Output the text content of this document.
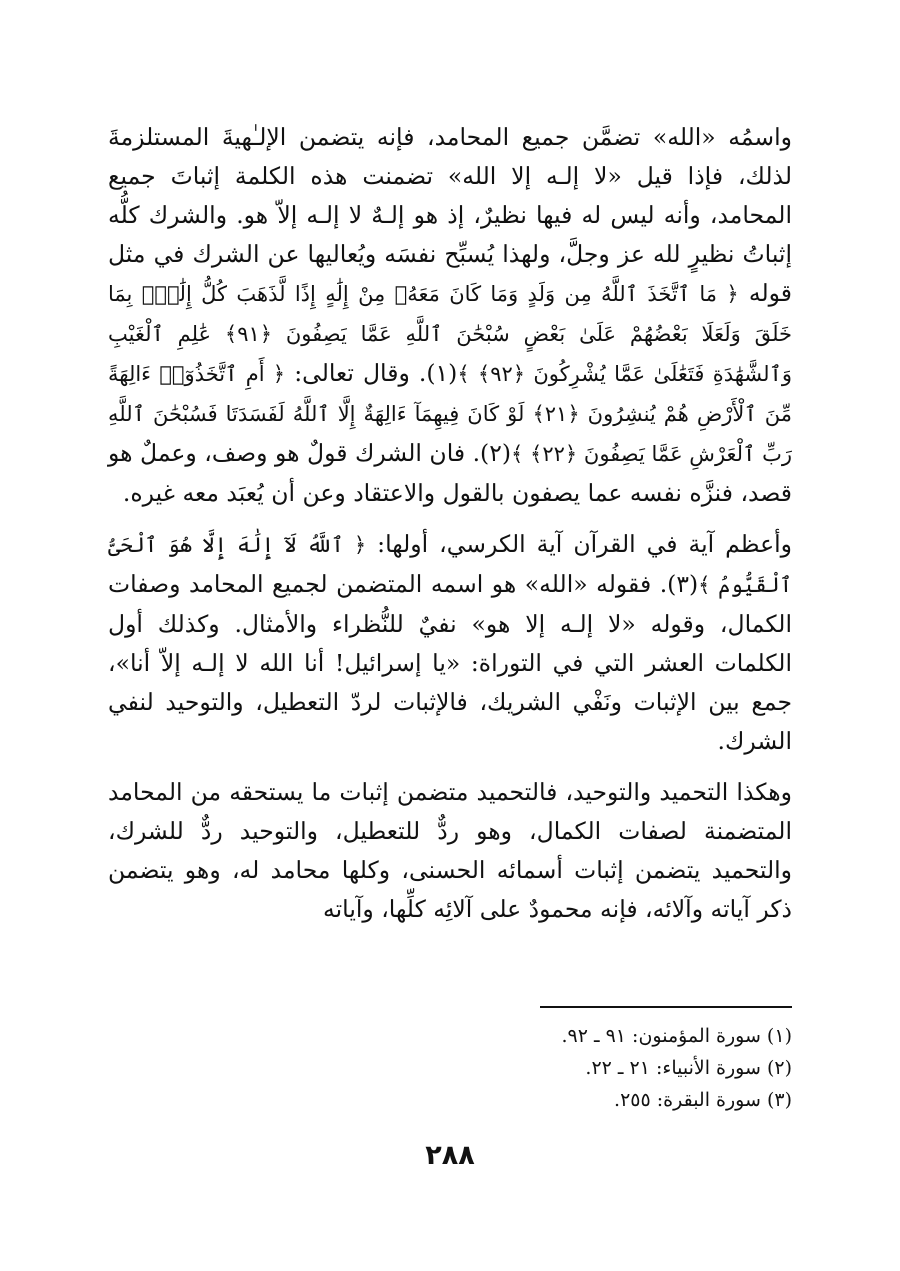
واسمُه «الله» تضمَّن جميع المحامد، فإنه يتضمن الإلـٰهيةَ المستلزمةَ لذلك، فإذا قيل «لا إلـه إلا الله» تضمنت هذه الكلمة إثباتَ جميع المحامد، وأنه ليس له فيها نظيرٌ، إذ هو إلـهٌ لا إلـه إلاّ هو. والشرك كلُّه إثباتُ نظيرٍ لله عز وجلَّ، ولهذا يُسبِّح نفسَه ويُعاليها عن الشرك في مثل قوله ﴿ مَا ٱتَّخَذَ ٱللَّهُ مِن وَلَدٍ وَمَا كَانَ مَعَهُۥ مِنْ إِلَٰهٍ إِذًا لَّذَهَبَ كُلُّ إِلَٰهٍۭ بِمَا خَلَقَ وَلَعَلَا بَعْضُهُمْ عَلَىٰ بَعْضٍ سُبْحَٰنَ ٱللَّهِ عَمَّا يَصِفُونَ ﴿٩١﴾ عَٰلِمِ ٱلْغَيْبِ وَٱلشَّهَٰدَةِ فَتَعَٰلَىٰ عَمَّا يُشْرِكُونَ ﴿٩٢﴾ ﴾(١). وقال تعالى: ﴿ أَمِ ٱتَّخَذُوٓا۟ ءَالِهَةً مِّنَ ٱلْأَرْضِ هُمْ يُنشِرُونَ ﴿٢١﴾ لَوْ كَانَ فِيهِمَآ ءَالِهَةٌ إِلَّا ٱللَّهُ لَفَسَدَتَا فَسُبْحَٰنَ ٱللَّهِ رَبِّ ٱلْعَرْشِ عَمَّا يَصِفُونَ ﴿٢٢﴾ ﴾(٢). فان الشرك قولٌ هو وصف، وعملٌ هو قصد، فنزَّه نفسه عما يصفون بالقول والاعتقاد وعن أن يُعبَد معه غيره.

وأعظم آية في القرآن آية الكرسي، أولها: ﴿ ٱللَّهُ لَآ إِلَٰهَ إِلَّا هُوَ ٱلْحَىُّ ٱلْقَيُّومُ ﴾(٣). فقوله «الله» هو اسمه المتضمن لجميع المحامد وصفات الكمال، وقوله «لا إلـه إلا هو» نفيٌ للنُّظراء والأمثال. وكذلك أول الكلمات العشر التي في التوراة: «يا إسرائيل! أنا الله لا إلـه إلاّ أنا»، جمع بين الإثبات ونَفْي الشريك، فالإثبات لردّ التعطيل، والتوحيد لنفي الشرك.

وهكذا التحميد والتوحيد، فالتحميد متضمن إثبات ما يستحقه من المحامد المتضمنة لصفات الكمال، وهو ردٌّ للتعطيل، والتوحيد ردٌّ للشرك، والتحميد يتضمن إثبات أسمائه الحسنى، وكلها محامد له، وهو يتضمن ذكر آياته وآلائه، فإنه محمودٌ على آلائِه كلِّها، وآياته

(١) سورة المؤمنون: ٩١ ـ ٩٢.
(٢) سورة الأنبياء: ٢١ ـ ٢٢.
(٣) سورة البقرة: ٢٥٥.
٢٨٨
